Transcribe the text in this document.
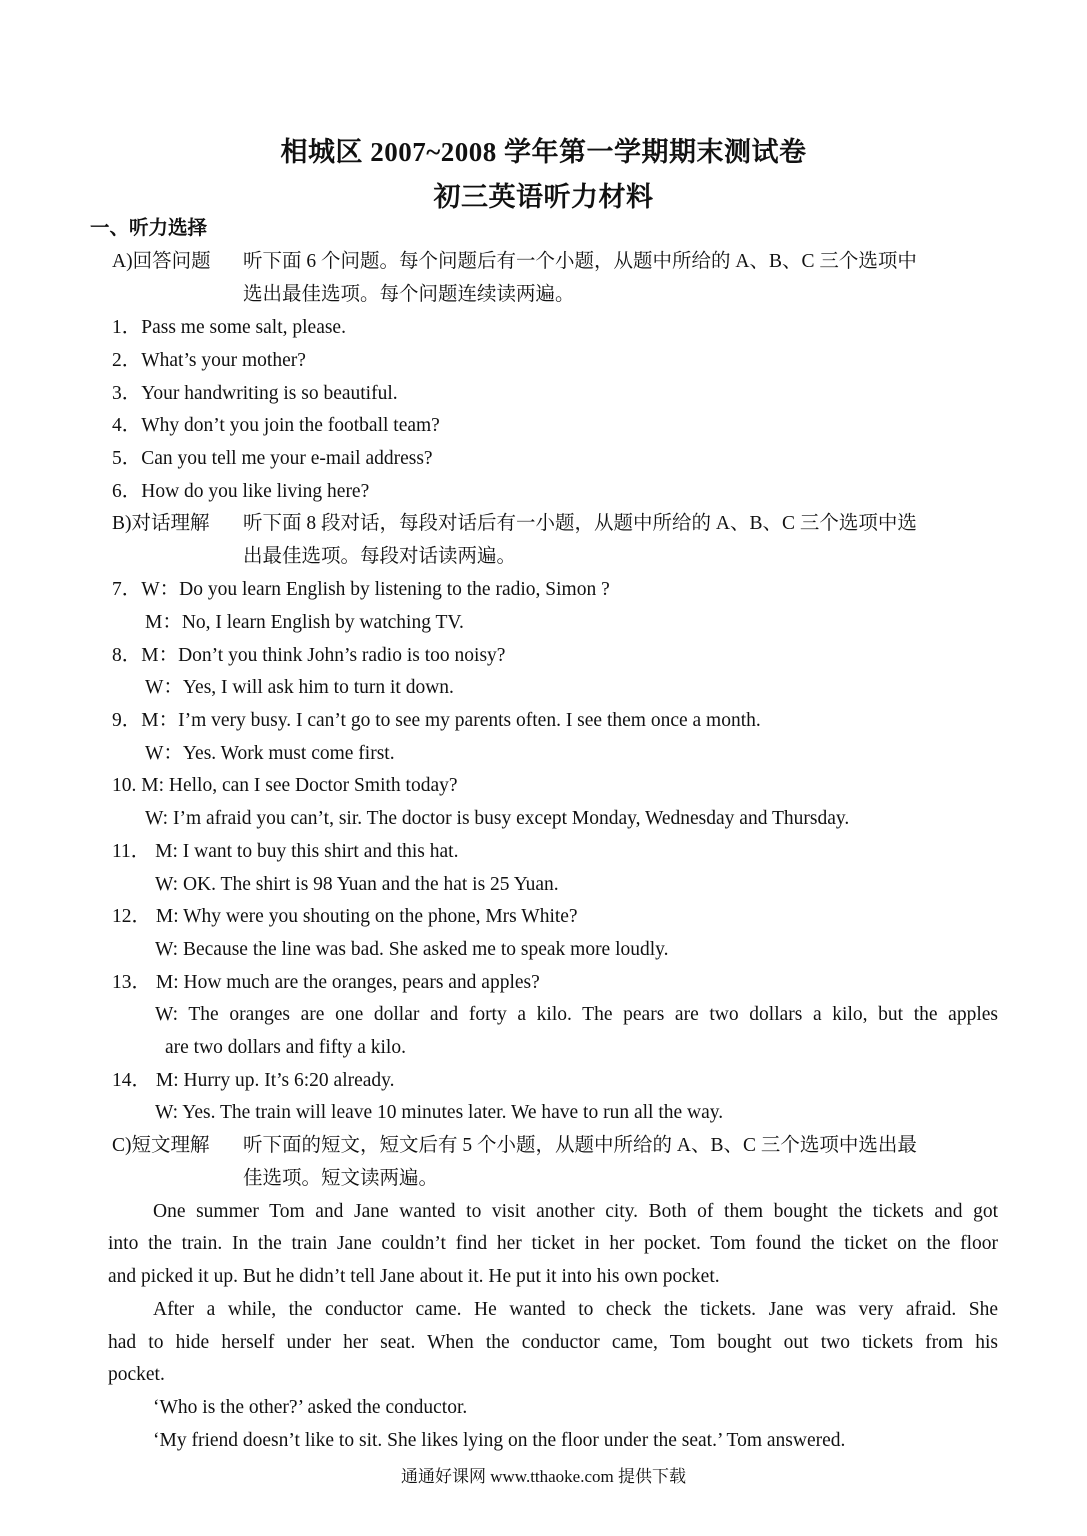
相城区 2007~2008 学年第一学期期末测试卷
初三英语听力材料
一、听力选择
A)回答问题 听下面 6 个问题。每个问题后有一个小题，从题中所给的 A、B、C 三个选项中
选出最佳选项。每个问题连续读两遍。
1．Pass me some salt, please.
2．What’s your mother?
3．Your handwriting is so beautiful.
4．Why don’t you join the football team?
5．Can you tell me your e-mail address?
6．How do you like living here?
B)对话理解 听下面 8 段对话，每段对话后有一小题，从题中所给的 A、B、C 三个选项中选
出最佳选项。每段对话读两遍。
7．W：Do you learn English by listening to the radio, Simon ?
M：No, I learn English by watching TV.
8．M：Don’t you think John’s radio is too noisy?
W：Yes, I will ask him to turn it down.
9．M：I’m very busy. I can’t go to see my parents often. I see them once a month.
W：Yes. Work must come first.
10. M: Hello, can I see Doctor Smith today?
W: I’m afraid you can’t, sir. The doctor is busy except Monday, Wednesday and Thursday.
11． M: I want to buy this shirt and this hat.
W: OK. The shirt is 98 Yuan and the hat is 25 Yuan.
12． M: Why were you shouting on the phone, Mrs White?
W: Because the line was bad. She asked me to speak more loudly.
13． M: How much are the oranges, pears and apples?
W: The oranges are one dollar and forty a kilo. The pears are two dollars a kilo, but the apples
are two dollars and fifty a kilo.
14． M: Hurry up. It’s 6:20 already.
W: Yes. The train will leave 10 minutes later. We have to run all the way.
C)短文理解 听下面的短文，短文后有 5 个小题，从题中所给的 A、B、C 三个选项中选出最
佳选项。短文读两遍。
One summer Tom and Jane wanted to visit another city. Both of them bought the tickets and got
into the train. In the train Jane couldn’t find her ticket in her pocket. Tom found the ticket on the floor
and picked it up. But he didn’t tell Jane about it. He put it into his own pocket.
After a while, the conductor came. He wanted to check the tickets. Jane was very afraid. She
had to hide herself under her seat. When the conductor came, Tom bought out two tickets from his
pocket.
‘Who is the other?’ asked the conductor.
‘My friend doesn’t like to sit. She likes lying on the floor under the seat.’ Tom answered.
通通好课网 www.tthaoke.com 提供下载
